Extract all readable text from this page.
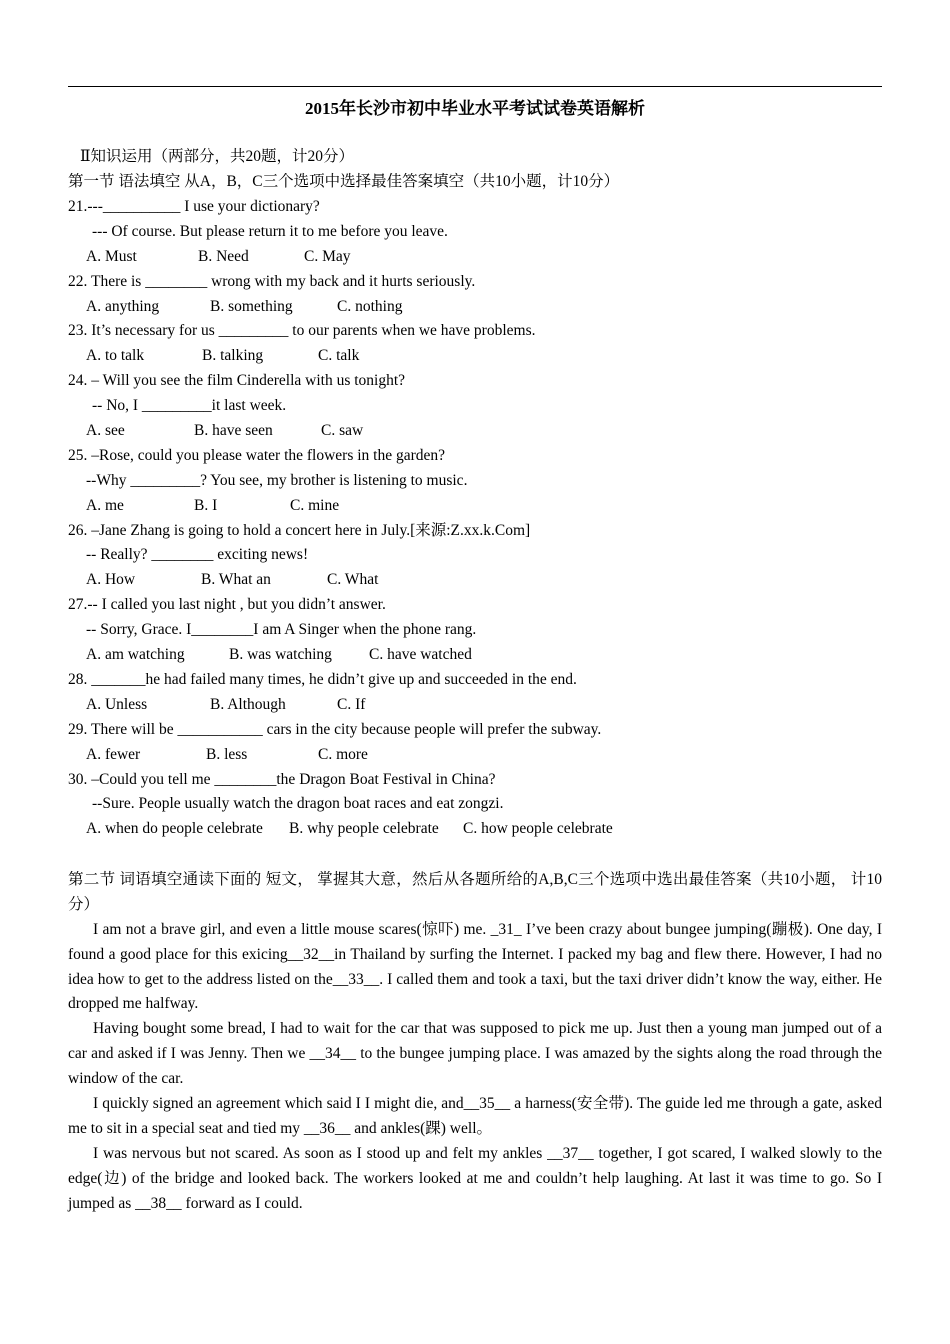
2015年长沙市初中毕业水平考试试卷英语解析
Ⅱ知识运用（两部分，共20题，计20分）
第一节 语法填空 从A，B，C三个选项中选择最佳答案填空（共10小题，计10分）
21.---__________ I use your dictionary?
--- Of course. But please return it to me before you leave.
A. Must	B. Need	C. May
22. There is ________ wrong with my back and it hurts seriously.
A. anything	B. something	C. nothing
23. It’s necessary for us _________ to our parents when we have problems.
A. to talk	B. talking	C. talk
24. – Will you see the film Cinderella with us tonight?
-- No, I _________it last week.
A. see	B. have seen	C. saw
25. –Rose, could you please water the flowers in the garden?
--Why _________? You see, my brother is listening to music.
A. me	B. I	C. mine
26. –Jane Zhang is going to hold a concert here in July.[来源:Z.xx.k.Com]
-- Really? ________ exciting news!
A. How	B. What an	C. What
27.-- I called you last night , but you didn’t answer.
-- Sorry, Grace. I________I am A Singer when the phone rang.
A. am watching	B. was watching C. have watched
28. _______he had failed many times, he didn’t give up and succeeded in the end.
A. Unless	B. Although	C. If
29. There will be ___________ cars in the city because people will prefer the subway.
A. fewer	B. less	C. more
30. –Could you tell me ________the Dragon Boat Festival in China?
--Sure. People usually watch the dragon boat races and eat zongzi.
A. when do people celebrate B. why people celebrate C. how people celebrate
第二节 词语填空通读下面的 短文， 掌握其大意，然后从各题所给的A,B,C三个选项中选出最佳答案（共10小题， 计10分）
I am not a brave girl, and even a little mouse scares(惊吓) me. _31_ I’ve been crazy about bungee jumping(蹦极). One day, I found a good place for this exicing__32__in Thailand by surfing the Internet. I packed my bag and flew there. However, I had no idea how to get to the address listed on the__33__. I called them and took a taxi, but the taxi driver didn’t know the way, either. He dropped me halfway.
Having bought some bread, I had to wait for the car that was supposed to pick me up. Just then a young man jumped out of a car and asked if I was Jenny. Then we __34__ to the bungee jumping place. I was amazed by the sights along the road through the window of the car.
I quickly signed an agreement which said I I might die, and__35__ a harness(安全带). The guide led me through a gate, asked me to sit in a special seat and tied my __36__ and ankles(踝) well。
I was nervous but not scared. As soon as I stood up and felt my ankles __37__ together, I got scared, I walked slowly to the edge(边) of the bridge and looked back. The workers looked at me and couldn’t help laughing. At last it was time to go. So I jumped as __38__ forward as I could.
